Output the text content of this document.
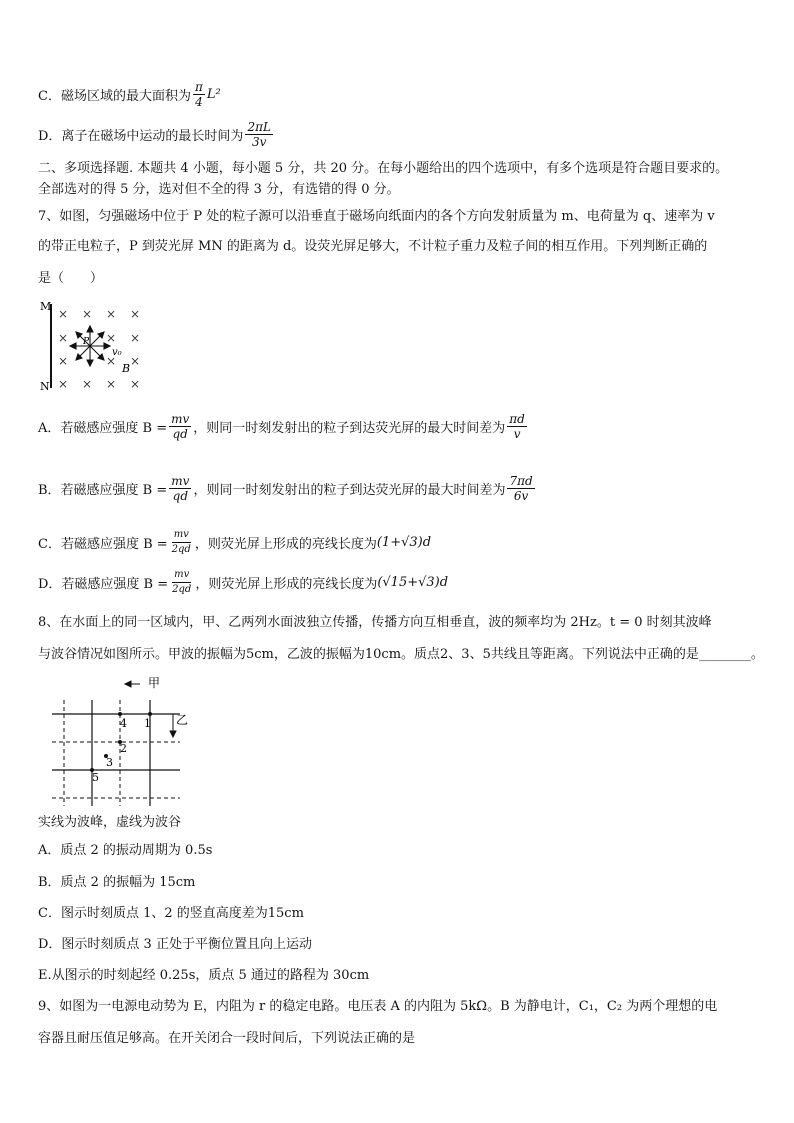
C．磁场区域的最大面积为 $\frac{\pi}{4} L^2$
D．离子在磁场中运动的最长时间为 $\frac{2\pi L}{3v}$
二、多项选择题. 本题共 4 小题，每小题 5 分，共 20 分。在每小题给出的四个选项中，有多个选项是符合题目要求的。
全部选对的得 5 分，选对但不全的得 3 分，有选错的得 0 分。
7、如图，匀强磁场中位于 P 处的粒子源可以沿垂直于磁场向纸面内的各个方向发射质量为 m、电荷量为 q、速率为 v
的带正电粒子，P 到荧光屏 MN 的距离为 d。设荧光屏足够大，不计粒子重力及粒子间的相互作用。下列判断正确的
是（　　）
M
N
× × × ×
×	× ×
×	× ×
× × × ×
P
v₀
B
A．若磁感应强度 $B = \frac{mv}{qd}$ ，则同一时刻发射出的粒子到达荧光屏的最大时间差为 $\frac{\pi d}{v}$
B．若磁感应强度 $B = \frac{mv}{qd}$ ，则同一时刻发射出的粒子到达荧光屏的最大时间差为 $\frac{7\pi d}{6v}$
C．若磁感应强度 $B = \frac{mv}{2qd}$ ，则荧光屏上形成的亮线长度为 (1+√3)d
D．若磁感应强度 $B = \frac{mv}{2qd}$ ，则荧光屏上形成的亮线长度为 (√15+√3)d
8、在水面上的同一区域内，甲、乙两列水面波独立传播，传播方向互相垂直，波的频率均为 2Hz。t = 0 时刻其波峰
与波谷情况如图所示。甲波的振幅为5cm，乙波的振幅为10cm。质点2、3、5共线且等距离。下列说法中正确的是________。
甲
乙
1
2
3
4
5
实线为波峰，虚线为波谷
A．质点 2 的振动周期为 0.5s
B．质点 2 的振幅为 15cm
C．图示时刻质点 1、2 的竖直高度差为15cm
D．图示时刻质点 3 正处于平衡位置且向上运动
E.从图示的时刻起经 0.25s，质点 5 通过的路程为 30cm
9、如图为一电源电动势为 E，内阻为 r 的稳定电路。电压表 A 的内阻为 5kΩ。B 为静电计，C₁，C₂ 为两个理想的电
容器且耐压值足够高。在开关闭合一段时间后，下列说法正确的是
